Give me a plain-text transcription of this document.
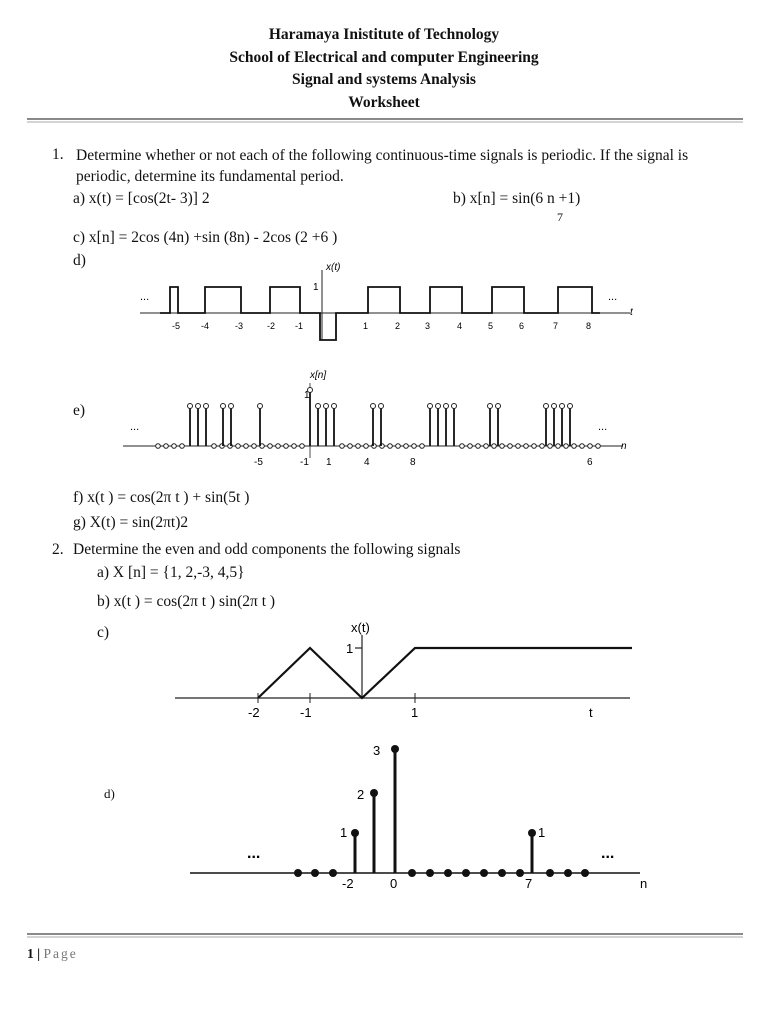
Haramaya Inistitute of Technology
School of Electrical and computer Engineering
Signal and systems Analysis
Worksheet
1. Determine whether or not each of the following continuous-time signals is periodic. If the signal is periodic, determine its fundamental period.
a) x(t) = [cos(2t- 3)] 2	b) x[n] = sin(6 n +1)
7
c) x[n] = 2cos (4n) +sin (8n) - 2cos (2 +6 )
d)	x(t)
1
t
...	...
-5 -4	-3	-2 -1	1	2	3	4	5	6	7	8
e)
x[n]
1
n
...	...
-5	-1 1	4	8	6
f) x(t ) = cos(2π t ) + sin(5t )
g) X(t) = sin(2πt)2
2. Determine the even and odd components the following signals
a) X [n] = {1, 2,-3, 4,5}
b) x(t ) = cos(2π t ) sin(2π t )
c)	x(t)
1
t
-2	-1	1
d)
3
2
1	1
...	...
-2	0	7	n
1 | Page
